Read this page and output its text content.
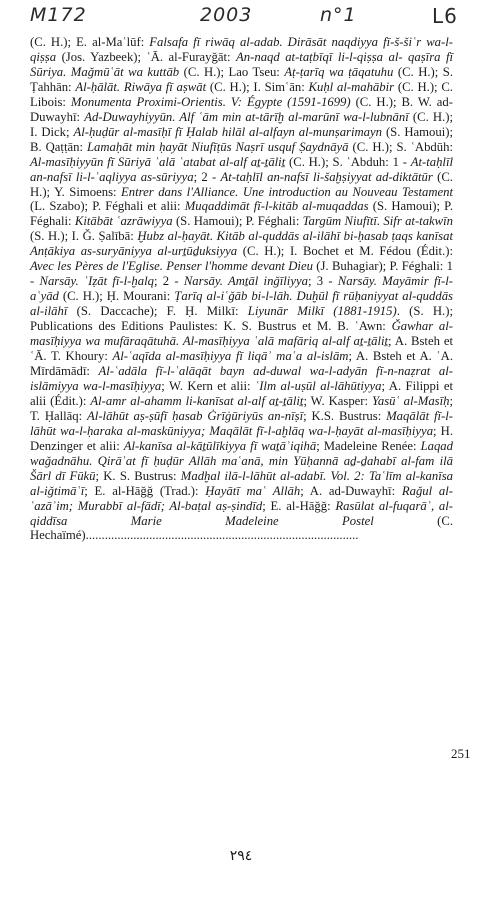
M172	2003	n°1	L6
(C. H.); E. al-Maʿlūf: Falsafa fī riwāq al-adab. Dirāsāt naqdiyya fī-š-šiʿr wa-l-qiṣṣa (Jos. Yazbeek); ʿĀ. al-Furayǧāt: An-naqd at-taṭbīqī li-l-qiṣṣa al- qaṣīra fī Sūriya. Maǧmūʿāt wa kuttāb (C. H.); Lao Tseu: Aṭ-ṭarīq wa ṭāqatuhu (C. H.); S. Ṭahhān: Al-ḥālāt. Riwāya fī aṣwāt (C. H.); I. Simʿān: Kuḥl al-mahābir (C. H.); C. Libois: Monumenta Proximi-Orientis. V: Égypte (1591-1699) (C. H.); B. W. ad-Duwayhī: Ad-Duwayhiyyūn. Alf ʿām min at-tārīḫ al-marūnī wa-l-lubnānī (C. H.); I. Dick; Al-ḥuḍūr al-masīḥī fī Ḥalab hilāl al-alfayn al-munṣarimayn (S. Hamoui); B. Qaṭṭān: Lamaḥāt min ḥayāt Niufīṭūs Naṣrī usquf Ṣaydnāyā (C. H.); S. ʿAbdūh: Al-masīḥiyyūn fī Sūriyā ʿalā ʿatabat al-alf aṯ-ṯāliṯ (C. H.); S. ʿAbduh: 1 - At-taḥlīl an-nafsī li-l-ʿaqliyya as-sūriyya; 2 - At-taḥlīl an-nafsī li-šaḫṣiyyat ad-diktātūr (C. H.); Y. Simoens: Entrer dans l'Alliance. Une introduction au Nouveau Testament (L. Szabo); P. Féghali et alii: Muqaddimāt fī-l-kitāb al-muqaddas (S. Hamoui); P. Féghali: Kitābāt ʿazrāwiyya (S. Hamoui); P. Féghali: Targūm Niufītī. Sifr at-takwīn (S. H.); I. Ǧ. Ṣalībā: Ḫubz al-ḥayāt. Kitāb al-quddās al-ilāhī bi-ḥasab ṭaqs kanīsat Anṭākiya as-suryāniyya al-urṯūḏuksiyya (C. H.); I. Bochet et M. Fédou (Édit.): Avec les Pères de l'Eglise. Penser l'homme devant Dieu (J. Buhagiar); P. Féghali: 1 - Narsāy. ʿIẓāt fī-l-ḫalq; 2 - Narsāy. Amṯāl inǧīliyya; 3 - Narsāy. Mayāmir fī-l-aʿyād (C. H.); Ḥ. Mourani: Ṭarīq al-iʿǧāb bi-l-lāh. Duḫūl fī rūḥaniyyat al-quddās al-ilāhī (S. Daccache); F. Ḥ. Milkī: Liyunār Milkī (1881-1915). (S. H.); Publications des Editions Paulistes: K. S. Bustrus et M. B. ʿAwn: Ǧawhar al-masīḥiyya wa mufāraqātuhā. Al-masīḥiyya ʿalā mafāriq al-alf aṯ-ṯāliṯ; A. Bsteh et ʿĀ. T. Khoury: Al-ʿaqīda al-masīḥiyya fī liqāʾ maʿa al-islām; A. Bsteh et A. ʿA. Mīrdāmādī: Al-ʿadāla fī-l-ʿalāqāt bayn ad-duwal wa-l-adyān fī-n-naẓrat al-islāmiyya wa-l-masīḥiyya; W. Kern et alii: ʿIlm al-uṣūl al-lāhūtiyya; A. Filippi et alii (Édit.): Al-amr al-ahamm li-kanīsat al-alf aṯ-ṯāliṯ; W. Kasper: Yasūʿ al-Masīḥ; T. Ḥallāq: Al-lāhūt aṣ-ṣūfī ḥasab Ġrīġūriyūs an-nīṣī; K.S. Bustrus: Maqālāt fī-l-lāhūt wa-l-ḥaraka al-maskūniyya; Maqālāt fī-l-aḫlāq wa-l-ḥayāt al-masīḥiyya; H. Denzinger et alii: Al-kanīsa al-kāṯūlīkiyya fī waṯāʾiqihā; Madeleine Renée: Laqad waǧadnāhu. Qirāʾat fī ḥuḍūr Allāh maʿanā, min Yūḥannā aḏ-ḏahabī al-fam ilā Šārl dī Fūkū; K. S. Bustrus: Madḫal ilā-l-lāhūt al-adabī. Vol. 2: Taʿlīm al-kanīsa al-iǧtimāʿī; E. al-Hāǧǧ (Trad.): Ḥayātī maʿ Allāh; A. ad-Duwayhī: Raǧul al-ʿazāʾim; Murabbī al-fādī; Al-baṭal aṣ-ṣindīd; E. al-Hāǧǧ: Rasūlat al-fuqarāʾ, al-qiddīsa Marie Madeleine Postel (C. Hechaïmé)......................................................................................
251
٢٩٤
